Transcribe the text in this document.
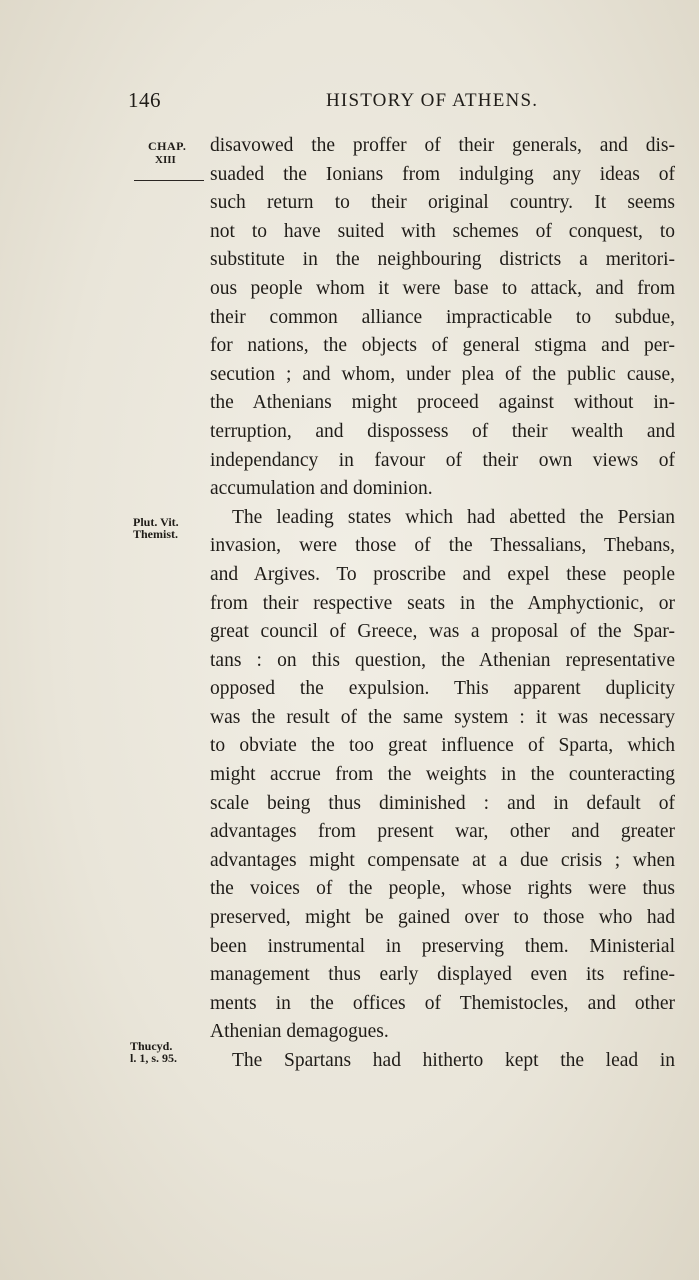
146	HISTORY OF ATHENS.
CHAP.
XIII
Plut. Vit.
Themist.
Thucyd.
l. 1, s. 95.
disavowed the proffer of their generals, and dis-
suaded the Ionians from indulging any ideas of
such return to their original country. It seems
not to have suited with schemes of conquest, to
substitute in the neighbouring districts a meritori-
ous people whom it were base to attack, and from
their common alliance impracticable to subdue,
for nations, the objects of general stigma and per-
secution ; and whom, under plea of the public cause,
the Athenians might proceed against without in-
terruption, and dispossess of their wealth and
independancy in favour of their own views of
accumulation and dominion.
The leading states which had abetted the Persian
invasion, were those of the Thessalians, Thebans,
and Argives. To proscribe and expel these people
from their respective seats in the Amphyctionic, or
great council of Greece, was a proposal of the Spar-
tans : on this question, the Athenian representative
opposed the expulsion. This apparent duplicity
was the result of the same system : it was necessary
to obviate the too great influence of Sparta, which
might accrue from the weights in the counteracting
scale being thus diminished : and in default of
advantages from present war, other and greater
advantages might compensate at a due crisis ; when
the voices of the people, whose rights were thus
preserved, might be gained over to those who had
been instrumental in preserving them. Ministerial
management thus early displayed even its refine-
ments in the offices of Themistocles, and other
Athenian demagogues.
The Spartans had hitherto kept the lead in
